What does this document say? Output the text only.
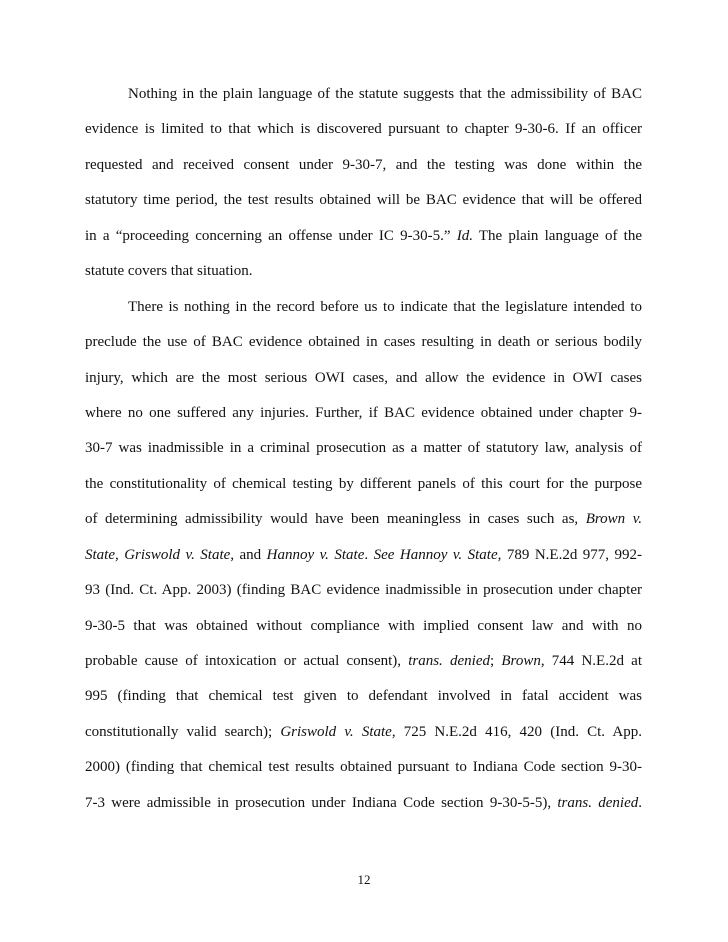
Nothing in the plain language of the statute suggests that the admissibility of BAC
evidence is limited to that which is discovered pursuant to chapter 9-30-6. If an officer
requested and received consent under 9-30-7, and the testing was done within the
statutory time period, the test results obtained will be BAC evidence that will be offered
in a “proceeding concerning an offense under IC 9-30-5.” Id. The plain language of the
statute covers that situation.
There is nothing in the record before us to indicate that the legislature intended to
preclude the use of BAC evidence obtained in cases resulting in death or serious bodily
injury, which are the most serious OWI cases, and allow the evidence in OWI cases
where no one suffered any injuries. Further, if BAC evidence obtained under chapter 9-
30-7 was inadmissible in a criminal prosecution as a matter of statutory law, analysis of
the constitutionality of chemical testing by different panels of this court for the purpose
of determining admissibility would have been meaningless in cases such as, Brown v.
State, Griswold v. State, and Hannoy v. State. See Hannoy v. State, 789 N.E.2d 977, 992-
93 (Ind. Ct. App. 2003) (finding BAC evidence inadmissible in prosecution under chapter
9-30-5 that was obtained without compliance with implied consent law and with no
probable cause of intoxication or actual consent), trans. denied; Brown, 744 N.E.2d at
995 (finding that chemical test given to defendant involved in fatal accident was
constitutionally valid search); Griswold v. State, 725 N.E.2d 416, 420 (Ind. Ct. App.
2000) (finding that chemical test results obtained pursuant to Indiana Code section 9-30-
7-3 were admissible in prosecution under Indiana Code section 9-30-5-5), trans. denied.
12
